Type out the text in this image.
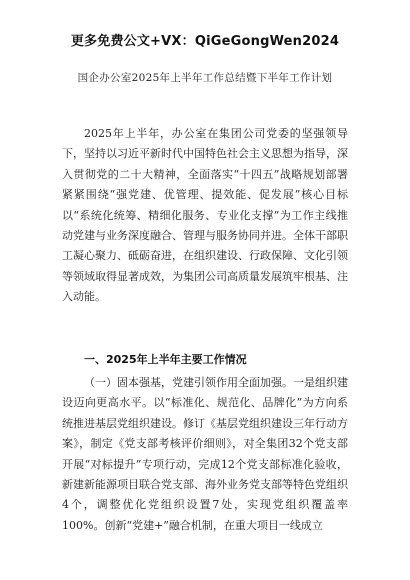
更多免费公文+VX：QiGeGongWen2024
国企办公室2025年上半年工作总结暨下半年工作计划

2025年上半年，办公室在集团公司党委的坚强领导下，坚持以习近平新时代中国特色社会主义思想为指导，深入贯彻党的二十大精神，全面落实“十四五”战略规划部署紧紧围绕“强党建、优管理、提效能、促发展”核心目标以“系统化统筹、精细化服务、专业化支撑”为工作主线推动党建与业务深度融合、管理与服务协同并进。全体干部职工凝心聚力、砥砺奋进，在组织建设、行政保障、文化引领等领域取得显著成效，为集团公司高质量发展筑牢根基、注入动能。

一、2025年上半年主要工作情况

（一）固本强基，党建引领作用全面加强。一是组织建设迈向更高水平。以“标准化、规范化、品牌化”为方向系统推进基层党组织建设。修订《基层党组织建设三年行动方案》，制定《党支部考核评价细则》，对全集团32个党支部开展“对标提升”专项行动，完成12个党支部标准化验收，新建新能源项目联合党支部、海外业务党支部等特色党组织4个，调整优化党组织设置7处，实现党组织覆盖率100%。创新“党建+”融合机制，在重大项目一线成立
